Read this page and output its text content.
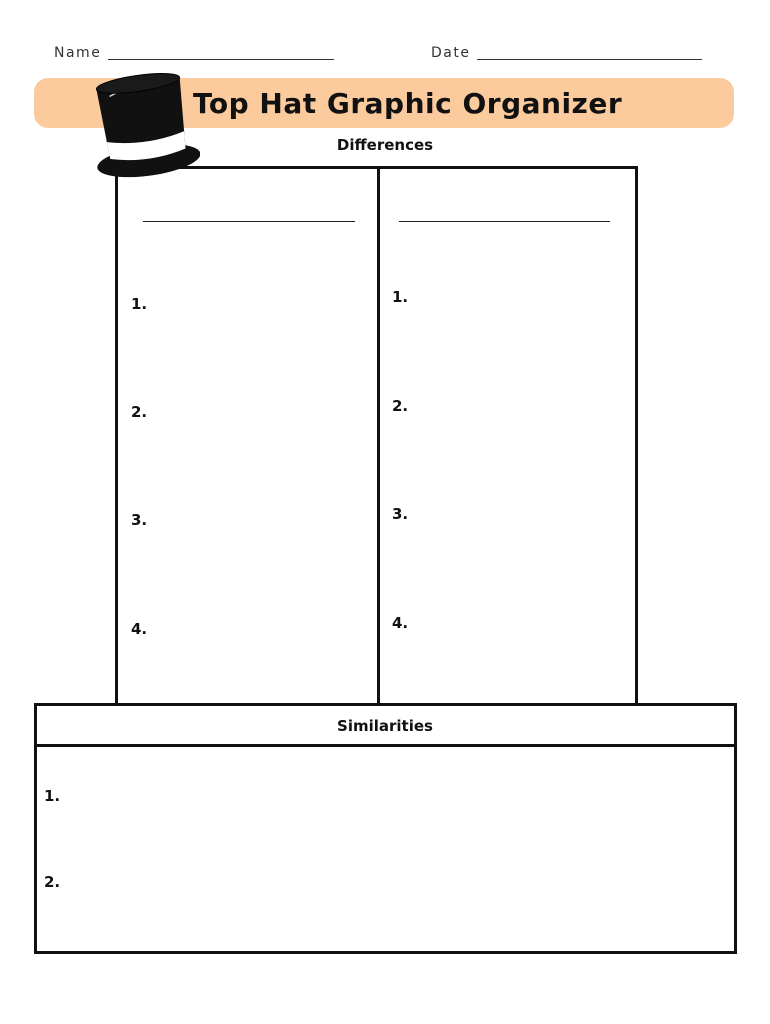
Name	Date
Top Hat Graphic Organizer
Differences
1.
2.
3.
4.
1.
2.
3.
4.
Similarities
1.
2.
